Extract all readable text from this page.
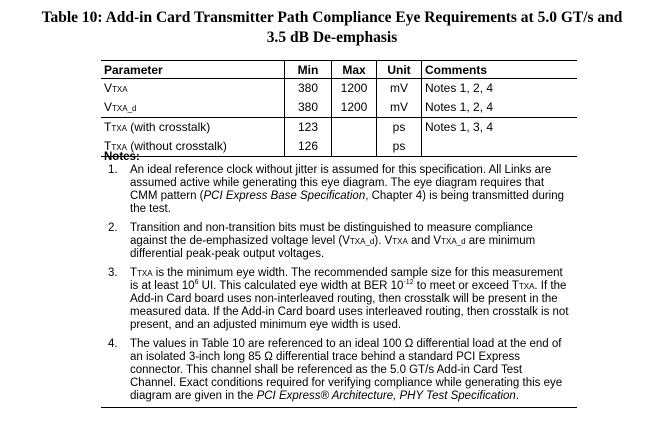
Table 10: Add-in Card Transmitter Path Compliance Eye Requirements at 5.0 GT/s and
3.5 dB De-emphasis
Parameter	Min	Max	Unit	Comments
VTXA	380	1200	mV	Notes 1, 2, 4
VTXA_d	380	1200	mV	Notes 1, 2, 4
TTXA (with crosstalk)	123		ps	Notes 1, 3, 4
TTXA (without crosstalk)	126		ps	
Notes:
1. An ideal reference clock without jitter is assumed for this specification. All Links are assumed active while generating this eye diagram. The eye diagram requires that CMM pattern (PCI Express Base Specification, Chapter 4) is being transmitted during the test.
2. Transition and non-transition bits must be distinguished to measure compliance against the de-emphasized voltage level (VTXA_d). VTXA and VTXA_d are minimum differential peak-peak output voltages.
3. TTXA is the minimum eye width. The recommended sample size for this measurement is at least $10^6$ UI. This calculated eye width at BER $10^{-12}$ to meet or exceed TTXA. If the Add-in Card board uses non-interleaved routing, then crosstalk will be present in the measured data. If the Add-in Card board uses interleaved routing, then crosstalk is not present, and an adjusted minimum eye width is used.
4. The values in Table 10 are referenced to an ideal 100 Ω differential load at the end of an isolated 3-inch long 85 Ω differential trace behind a standard PCI Express connector. This channel shall be referenced as the 5.0 GT/s Add-in Card Test Channel. Exact conditions required for verifying compliance while generating this eye diagram are given in the PCI Express® Architecture, PHY Test Specification.
